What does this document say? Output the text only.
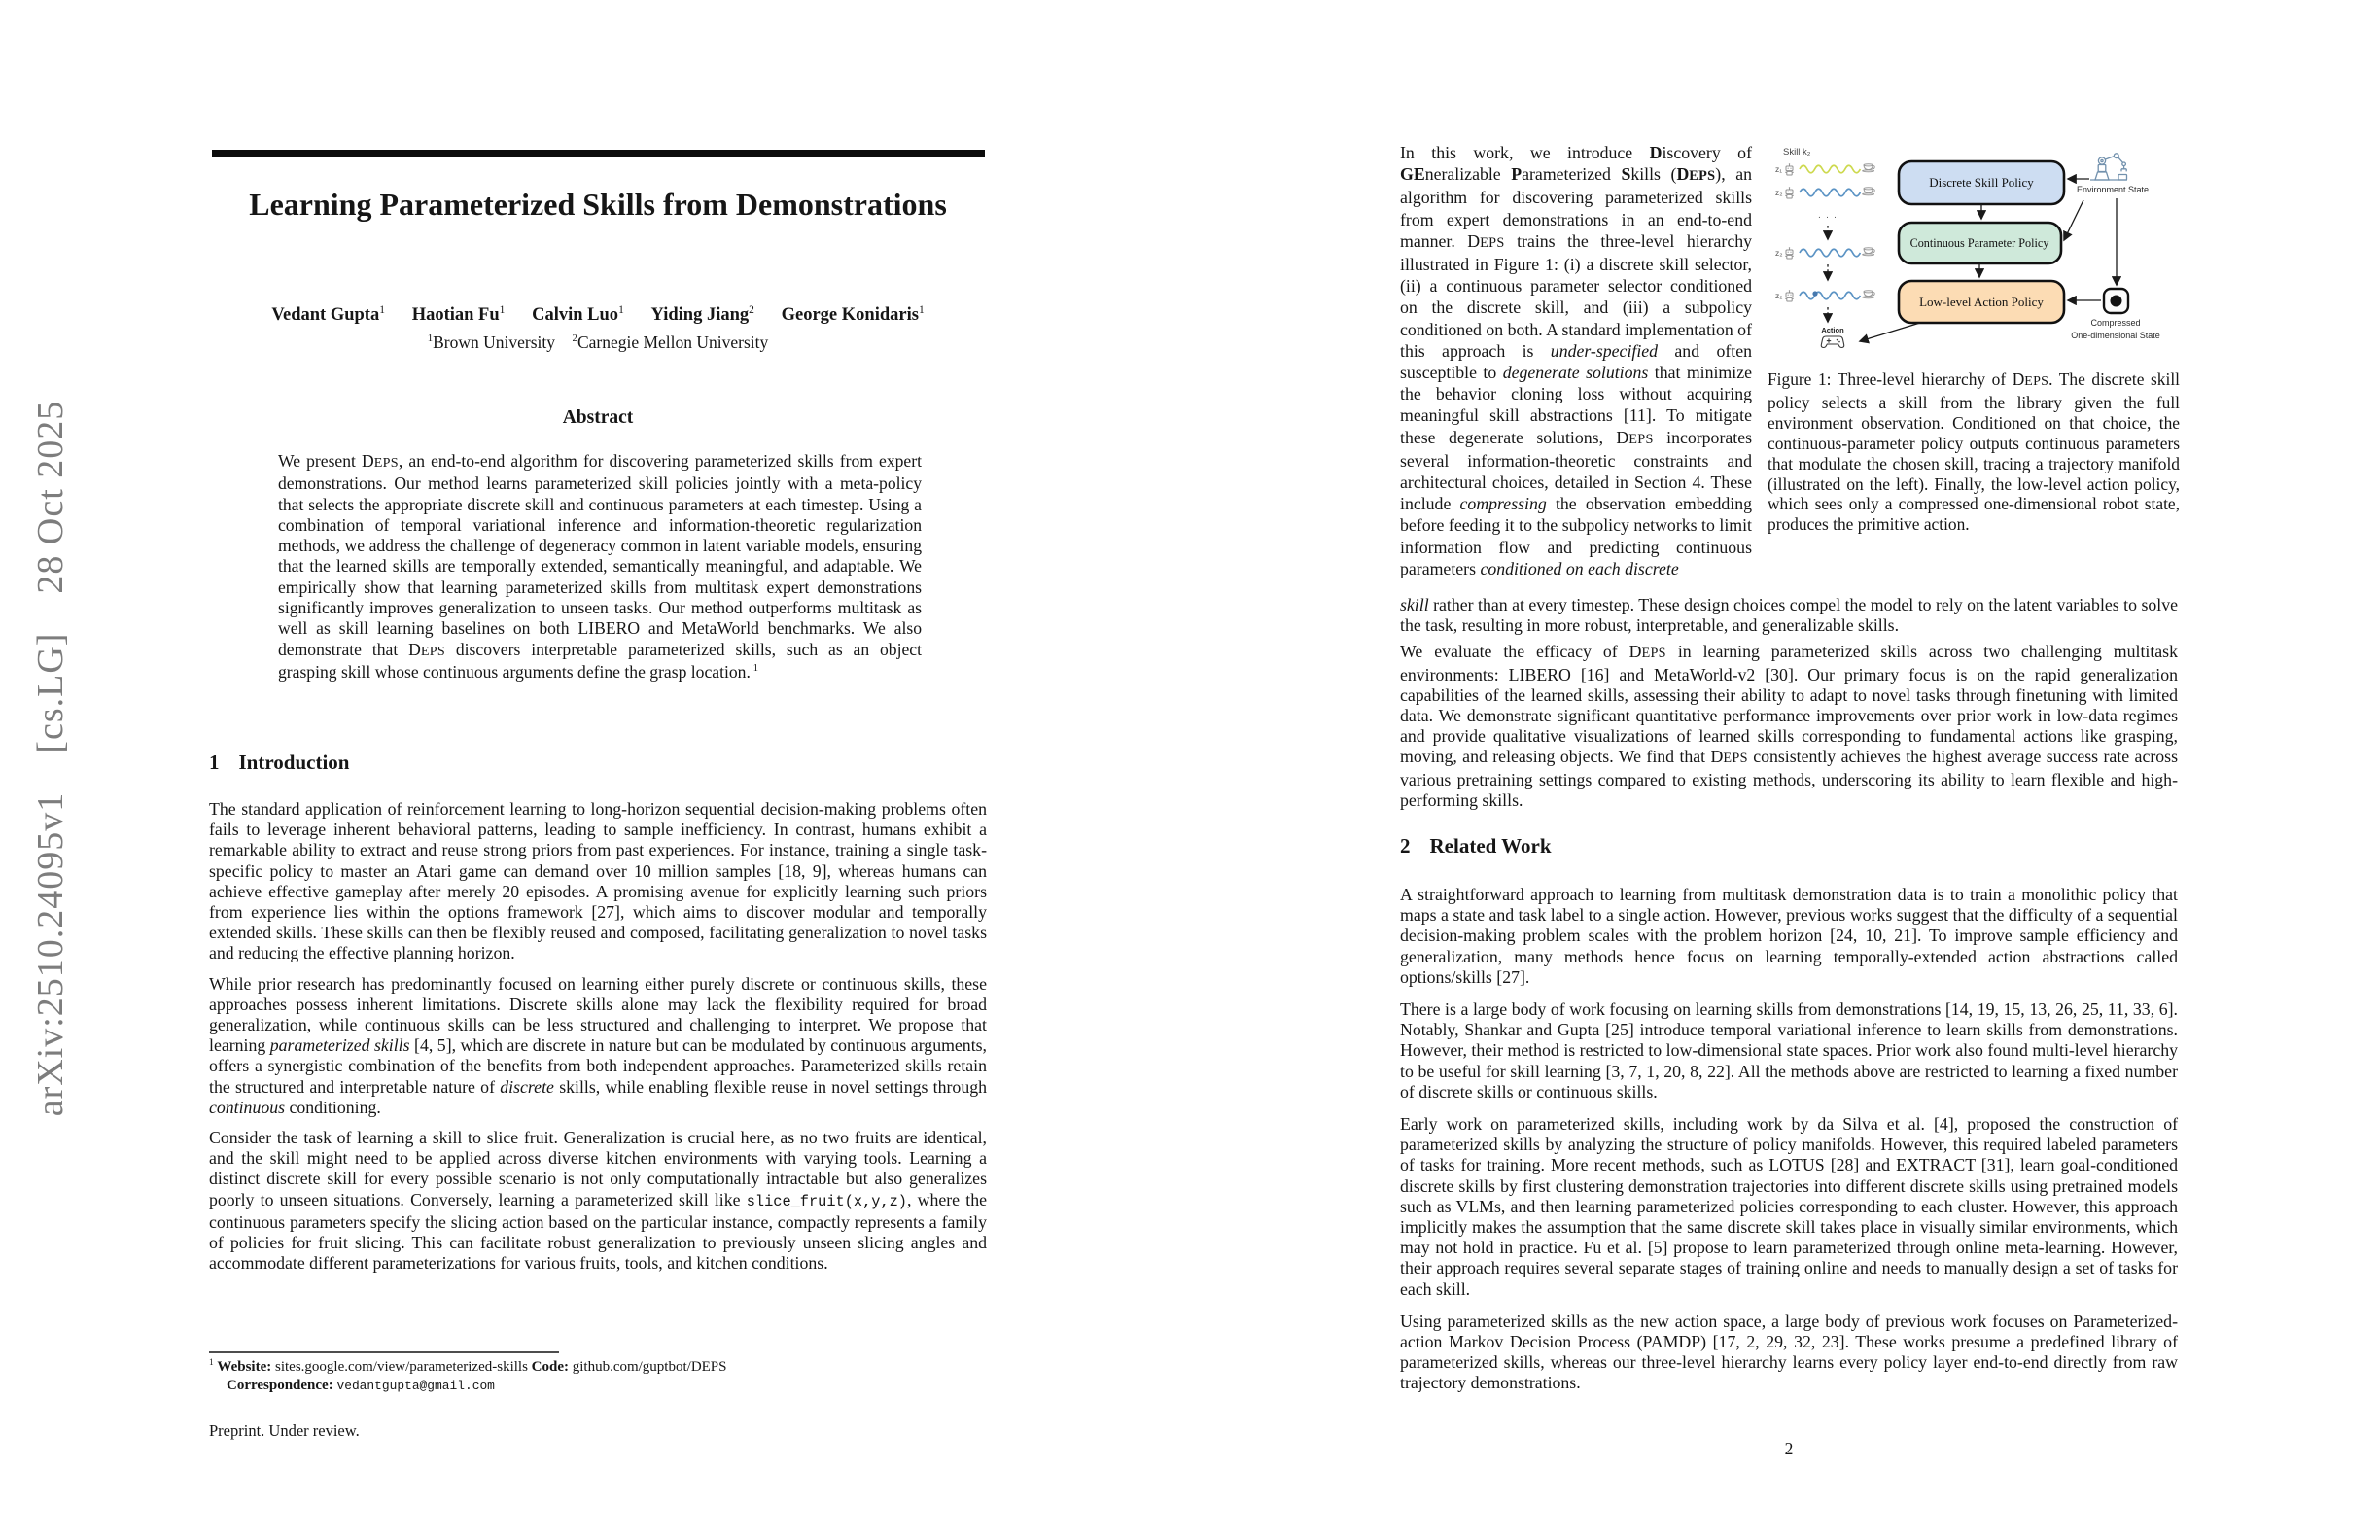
arXiv:2510.24095v1  [cs.LG]  28 Oct 2025
Learning Parameterized Skills from Demonstrations
Vedant Gupta$^1$   Haotian Fu$^1$   Calvin Luo$^1$   Yiding Jiang$^2$   George Konidaris$^1$
$^1$Brown University  $^2$Carnegie Mellon University
Abstract

We present DEPS, an end-to-end algorithm for discovering parameterized skills from expert demonstrations. Our method learns parameterized skill policies jointly with a meta-policy that selects the appropriate discrete skill and continuous parameters at each timestep. Using a combination of temporal variational inference and information-theoretic regularization methods, we address the challenge of degeneracy common in latent variable models, ensuring that the learned skills are temporally extended, semantically meaningful, and adaptable. We empirically show that learning parameterized skills from multitask expert demonstrations significantly improves generalization to unseen tasks. Our method outperforms multitask as well as skill learning baselines on both LIBERO and MetaWorld benchmarks. We also demonstrate that DEPS discovers interpretable parameterized skills, such as an object grasping skill whose continuous arguments define the grasp location. $^1$

1 Introduction

The standard application of reinforcement learning to long-horizon sequential decision-making problems often fails to leverage inherent behavioral patterns, leading to sample inefficiency. In contrast, humans exhibit a remarkable ability to extract and reuse strong priors from past experiences. For instance, training a single task-specific policy to master an Atari game can demand over 10 million samples [18, 9], whereas humans can achieve effective gameplay after merely 20 episodes. A promising avenue for explicitly learning such priors from experience lies within the options framework [27], which aims to discover modular and temporally extended skills. These skills can then be flexibly reused and composed, facilitating generalization to novel tasks and reducing the effective planning horizon.

While prior research has predominantly focused on learning either purely discrete or continuous skills, these approaches possess inherent limitations. Discrete skills alone may lack the flexibility required for broad generalization, while continuous skills can be less structured and challenging to interpret. We propose that learning parameterized skills [4, 5], which are discrete in nature but can be modulated by continuous arguments, offers a synergistic combination of the benefits from both independent approaches. Parameterized skills retain the structured and interpretable nature of discrete skills, while enabling flexible reuse in novel settings through continuous conditioning.

Consider the task of learning a skill to slice fruit. Generalization is crucial here, as no two fruits are identical, and the skill might need to be applied across diverse kitchen environments with varying tools. Learning a distinct discrete skill for every possible scenario is not only computationally intractable but also generalizes poorly to unseen situations. Conversely, learning a parameterized skill like slice_fruit(x,y,z), where the continuous parameters specify the slicing action based on the particular instance, compactly represents a family of policies for fruit slicing. This can facilitate robust generalization to previously unseen slicing angles and accommodate different parameterizations for various fruits, tools, and kitchen conditions.

$^1$ Website: sites.google.com/view/parameterized-skills Code: github.com/guptbot/DEPS

Correspondence: vedantgupta@gmail.com

Preprint. Under review.
In this work, we introduce Discovery of GEneralizable Parameterized Skills (DEPS), an algorithm for discovering parameterized skills from expert demonstrations in an end-to-end manner. DEPS trains the three-level hierarchy illustrated in Figure 1: (i) a discrete skill selector, (ii) a continuous parameter selector conditioned on the discrete skill, and (iii) a subpolicy conditioned on both. A standard implementation of this approach is under-specified and often susceptible to degenerate solutions that minimize the behavior cloning loss without acquiring meaningful skill abstractions [11]. To mitigate these degenerate solutions, DEPS incorporates several information-theoretic constraints and architectural choices, detailed in Section 4. These include compressing the observation embedding before feeding it to the subpolicy networks to limit information flow and predicting continuous parameters conditioned on each discrete
Skill k₂
z₁
z₂
· · ·
z₂
z₂
Action
Discrete Skill Policy
Continuous Parameter Policy
Low-level Action Policy
Environment State
Compressed
One-dimensional State

Figure 1: Three-level hierarchy of DEPS. The discrete skill policy selects a skill from the library given the full environment observation. Conditioned on that choice, the continuous-parameter policy outputs continuous parameters that modulate the chosen skill, tracing a trajectory manifold (illustrated on the left). Finally, the low-level action policy, which sees only a compressed one-dimensional robot state, produces the primitive action.

skill rather than at every timestep. These design choices compel the model to rely on the latent variables to solve the task, resulting in more robust, interpretable, and generalizable skills.

We evaluate the efficacy of DEPS in learning parameterized skills across two challenging multitask environments: LIBERO [16] and MetaWorld-v2 [30]. Our primary focus is on the rapid generalization capabilities of the learned skills, assessing their ability to adapt to novel tasks through finetuning with limited data. We demonstrate significant quantitative performance improvements over prior work in low-data regimes and provide qualitative visualizations of learned skills corresponding to fundamental actions like grasping, moving, and releasing objects. We find that DEPS consistently achieves the highest average success rate across various pretraining settings compared to existing methods, underscoring its ability to learn flexible and high-performing skills.

2 Related Work

A straightforward approach to learning from multitask demonstration data is to train a monolithic policy that maps a state and task label to a single action. However, previous works suggest that the difficulty of a sequential decision-making problem scales with the problem horizon [24, 10, 21]. To improve sample efficiency and generalization, many methods hence focus on learning temporally-extended action abstractions called options/skills [27].

There is a large body of work focusing on learning skills from demonstrations [14, 19, 15, 13, 26, 25, 11, 33, 6]. Notably, Shankar and Gupta [25] introduce temporal variational inference to learn skills from demonstrations. However, their method is restricted to low-dimensional state spaces. Prior work also found multi-level hierarchy to be useful for skill learning [3, 7, 1, 20, 8, 22]. All the methods above are restricted to learning a fixed number of discrete skills or continuous skills.

Early work on parameterized skills, including work by da Silva et al. [4], proposed the construction of parameterized skills by analyzing the structure of policy manifolds. However, this required labeled parameters of tasks for training. More recent methods, such as LOTUS [28] and EXTRACT [31], learn goal-conditioned discrete skills by first clustering demonstration trajectories into different discrete skills using pretrained models such as VLMs, and then learning parameterized policies corresponding to each cluster. However, this approach implicitly makes the assumption that the same discrete skill takes place in visually similar environments, which may not hold in practice. Fu et al. [5] propose to learn parameterized through online meta-learning. However, their approach requires several separate stages of training online and needs to manually design a set of tasks for each skill.

Using parameterized skills as the new action space, a large body of previous work focuses on Parameterized-action Markov Decision Process (PAMDP) [17, 2, 29, 32, 23]. These works presume a predefined library of parameterized skills, whereas our three-level hierarchy learns every policy layer end-to-end directly from raw trajectory demonstrations.

2
